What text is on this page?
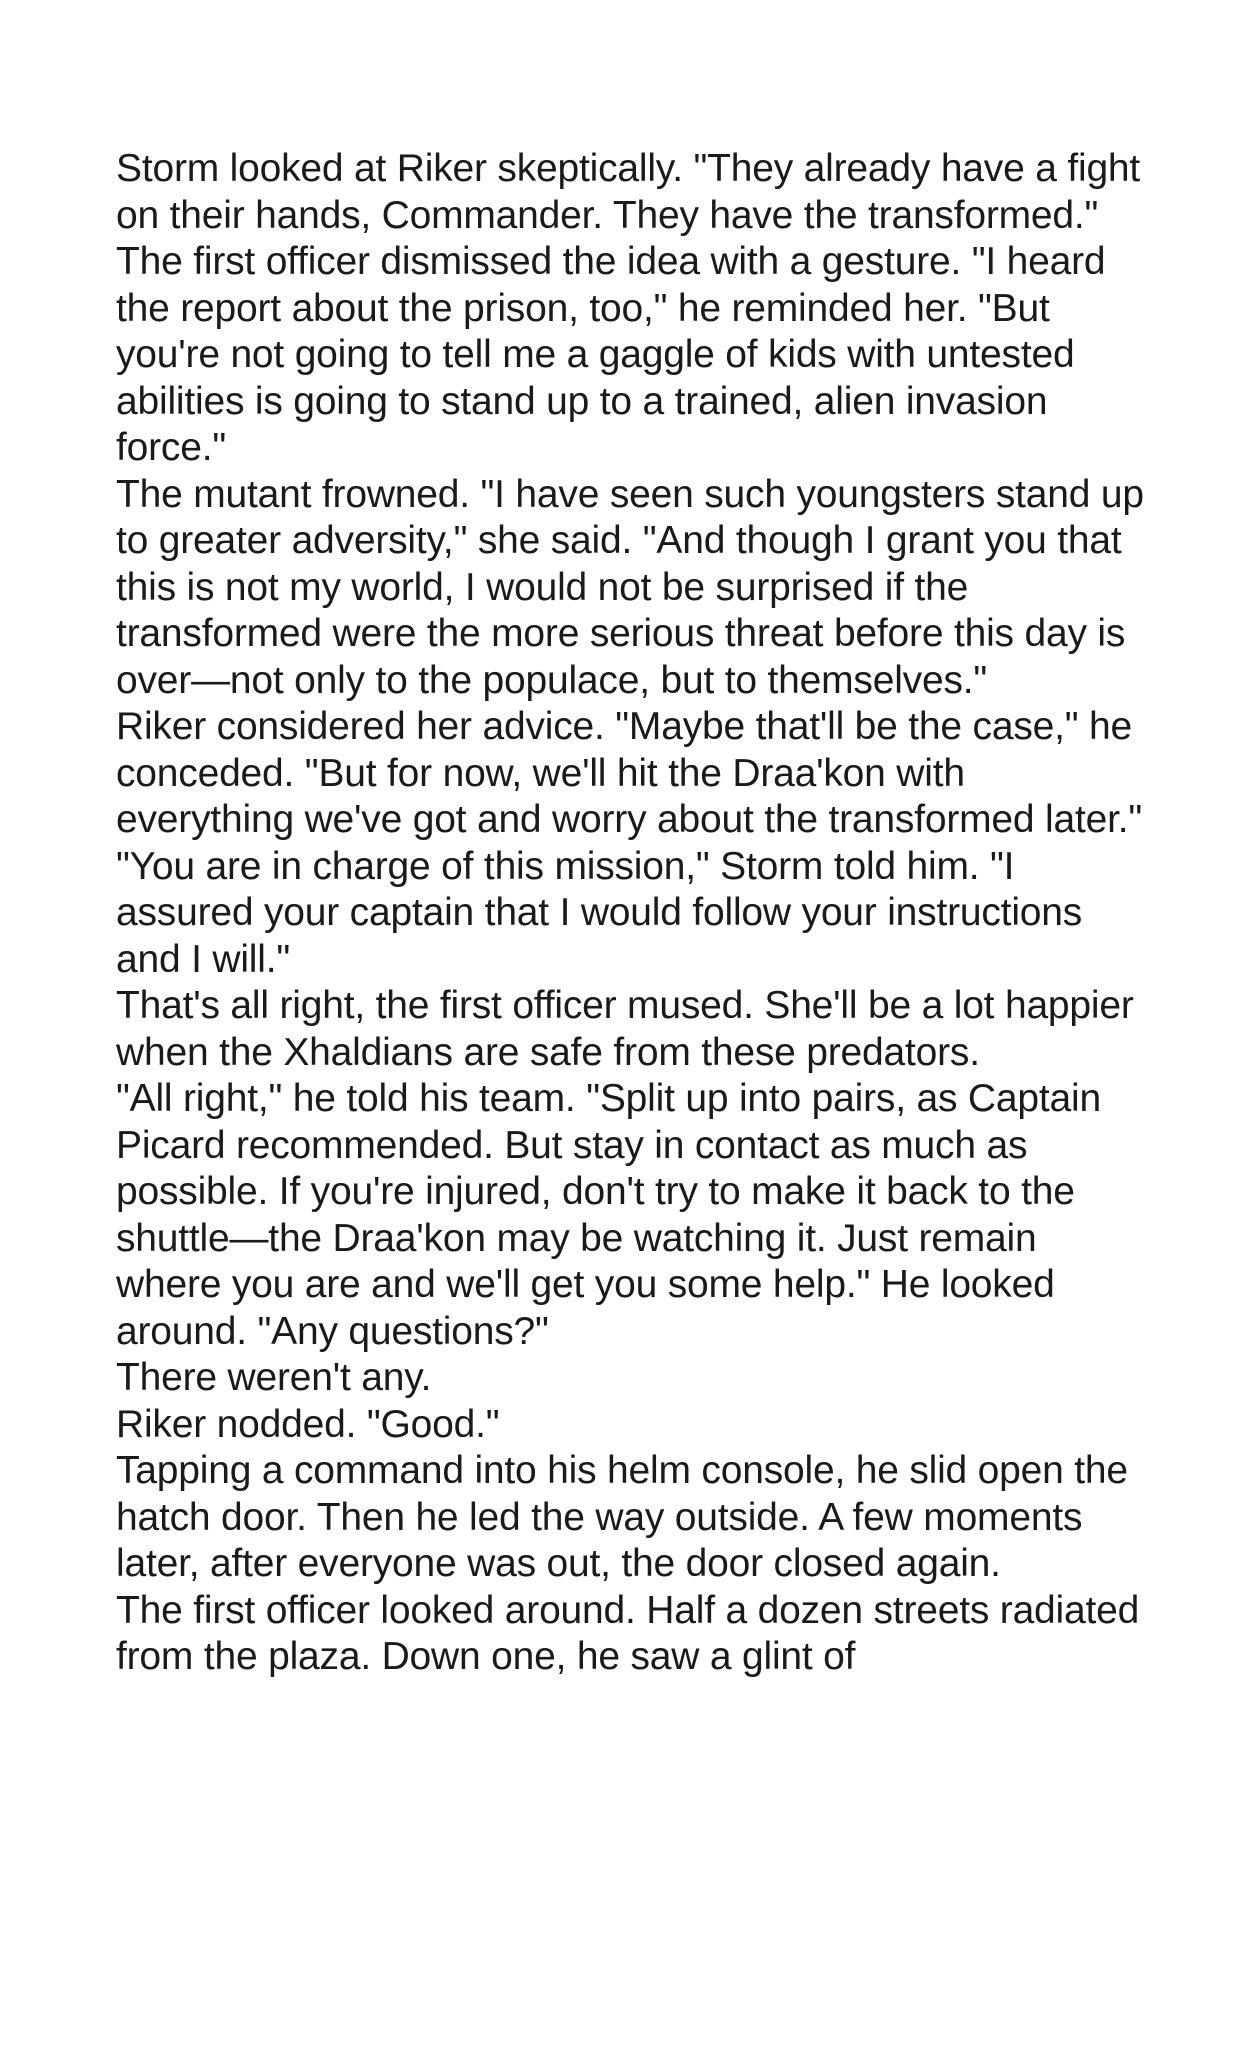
Storm looked at Riker skeptically. "They already have a fight on their hands, Commander. They have the transformed."

The first officer dismissed the idea with a gesture. "I heard the report about the prison, too," he reminded her. "But you're not going to tell me a gaggle of kids with untested abilities is going to stand up to a trained, alien invasion force."

The mutant frowned. "I have seen such youngsters stand up to greater adversity," she said. "And though I grant you that this is not my world, I would not be surprised if the transformed were the more serious threat before this day is over—not only to the populace, but to themselves."

Riker considered her advice. "Maybe that'll be the case," he conceded. "But for now, we'll hit the Draa'kon with everything we've got and worry about the transformed later."

"You are in charge of this mission," Storm told him. "I assured your captain that I would follow your instructions and I will."

That's all right, the first officer mused. She'll be a lot happier when the Xhaldians are safe from these predators.

"All right," he told his team. "Split up into pairs, as Captain Picard recommended. But stay in contact as much as possible. If you're injured, don't try to make it back to the shuttle—the Draa'kon may be watching it. Just remain where you are and we'll get you some help." He looked around. "Any questions?"

There weren't any.

Riker nodded. "Good."

Tapping a command into his helm console, he slid open the hatch door. Then he led the way outside. A few moments later, after everyone was out, the door closed again.

The first officer looked around. Half a dozen streets radiated from the plaza. Down one, he saw a glint of
